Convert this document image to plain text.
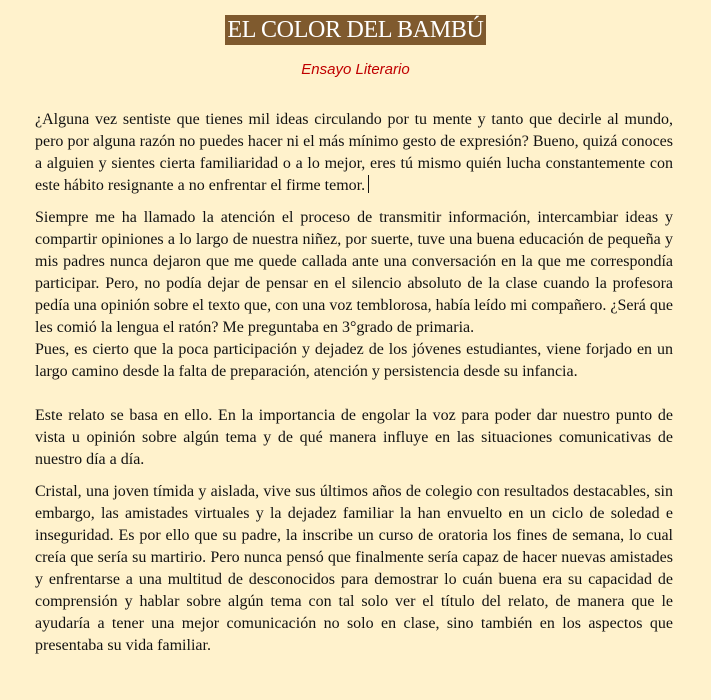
EL COLOR DEL BAMBÚ
Ensayo Literario

¿Alguna vez sentiste que tienes mil ideas circulando por tu mente y tanto que decirle al mundo, pero por alguna razón no puedes hacer ni el más mínimo gesto de expresión? Bueno, quizá conoces a alguien y sientes cierta familiaridad o a lo mejor, eres tú mismo quién lucha constantemente con este hábito resignante a no enfrentar el firme temor.

Siempre me ha llamado la atención el proceso de transmitir información, intercambiar ideas y compartir opiniones a lo largo de nuestra niñez, por suerte, tuve una buena educación de pequeña y mis padres nunca dejaron que me quede callada ante una conversación en la que me correspondía participar. Pero, no podía dejar de pensar en el silencio absoluto de la clase cuando la profesora pedía una opinión sobre el texto que, con una voz temblorosa, había leído mi compañero. ¿Será que les comió la lengua el ratón? Me preguntaba en 3°grado de primaria.

Pues, es cierto que la poca participación y dejadez de los jóvenes estudiantes, viene forjado en un largo camino desde la falta de preparación, atención y persistencia desde su infancia.

Este relato se basa en ello. En la importancia de engolar la voz para poder dar nuestro punto de vista u opinión sobre algún tema y de qué manera influye en las situaciones comunicativas de nuestro día a día.

Cristal, una joven tímida y aislada, vive sus últimos años de colegio con resultados destacables, sin embargo, las amistades virtuales y la dejadez familiar la han envuelto en un ciclo de soledad e inseguridad. Es por ello que su padre, la inscribe un curso de oratoria los fines de semana, lo cual creía que sería su martirio. Pero nunca pensó que finalmente sería capaz de hacer nuevas amistades y enfrentarse a una multitud de desconocidos para demostrar lo cuán buena era su capacidad de comprensión y hablar sobre algún tema con tal solo ver el título del relato, de manera que le ayudaría a tener una mejor comunicación no solo en clase, sino también en los aspectos que presentaba su vida familiar.
